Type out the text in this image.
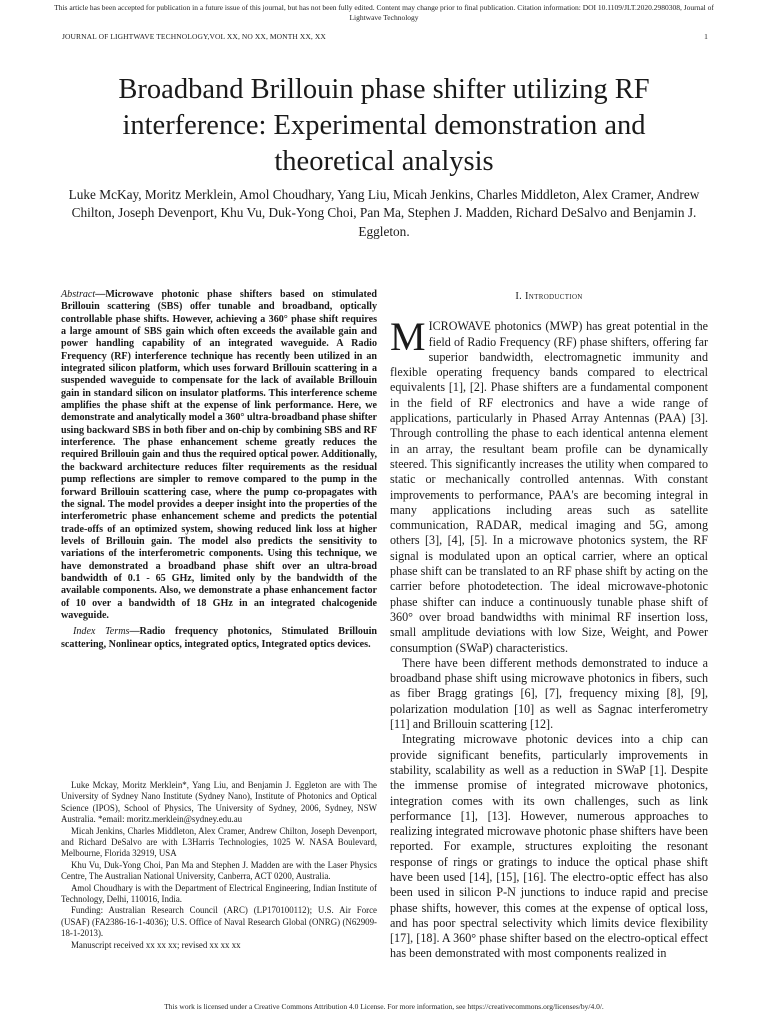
This article has been accepted for publication in a future issue of this journal, but has not been fully edited. Content may change prior to final publication. Citation information: DOI 10.1109/JLT.2020.2980308, Journal of
Lightwave Technology
JOURNAL OF LIGHTWAVE TECHNOLOGY,VOL XX, NO XX, MONTH XX, XX	1
Broadband Brillouin phase shifter utilizing RF interference: Experimental demonstration and theoretical analysis
Luke McKay, Moritz Merklein, Amol Choudhary, Yang Liu, Micah Jenkins, Charles Middleton, Alex Cramer, Andrew Chilton, Joseph Devenport, Khu Vu, Duk-Yong Choi, Pan Ma, Stephen J. Madden, Richard DeSalvo and Benjamin J. Eggleton.

Abstract—Microwave photonic phase shifters based on stimulated Brillouin scattering (SBS) offer tunable and broadband, optically controllable phase shifts. However, achieving a 360° phase shift requires a large amount of SBS gain which often exceeds the available gain and power handling capability of an integrated waveguide. A Radio Frequency (RF) interference technique has recently been utilized in an integrated silicon platform, which uses forward Brillouin scattering in a suspended waveguide to compensate for the lack of available Brillouin gain in standard silicon on insulator platforms. This interference scheme amplifies the phase shift at the expense of link performance. Here, we demonstrate and analytically model a 360° ultra-broadband phase shifter using backward SBS in both fiber and on-chip by combining SBS and RF interference. The phase enhancement scheme greatly reduces the required Brillouin gain and thus the required optical power. Additionally, the backward architecture reduces filter requirements as the residual pump reflections are simpler to remove compared to the pump in the forward Brillouin scattering case, where the pump co-propagates with the signal. The model provides a deeper insight into the properties of the interferometric phase enhancement scheme and predicts the potential trade-offs of an optimized system, showing reduced link loss at higher levels of Brillouin gain. The model also predicts the sensitivity to variations of the interferometric components. Using this technique, we have demonstrated a broadband phase shift over an ultra-broad bandwidth of 0.1 - 65 GHz, limited only by the bandwidth of the available components. Also, we demonstrate a phase enhancement factor of 10 over a bandwidth of 18 GHz in an integrated chalcogenide waveguide.

Index Terms—Radio frequency photonics, Stimulated Brillouin scattering, Nonlinear optics, integrated optics, Integrated optics devices.

Luke Mckay, Moritz Merklein*, Yang Liu, and Benjamin J. Eggleton are with The University of Sydney Nano Institute (Sydney Nano), Institute of Photonics and Optical Science (IPOS), School of Physics, The University of Sydney, 2006, Sydney, NSW Australia. *email: moritz.merklein@sydney.edu.au

Micah Jenkins, Charles Middleton, Alex Cramer, Andrew Chilton, Joseph Devenport, and Richard DeSalvo are with L3Harris Technologies, 1025 W. NASA Boulevard, Melbourne, Florida 32919, USA

Khu Vu, Duk-Yong Choi, Pan Ma and Stephen J. Madden are with the Laser Physics Centre, The Australian National University, Canberra, ACT 0200, Australia.

Amol Choudhary is with the Department of Electrical Engineering, Indian Institute of Technology, Delhi, 110016, India.

Funding: Australian Research Council (ARC) (LP170100112); U.S. Air Force (USAF) (FA2386-16-1-4036); U.S. Office of Naval Research Global (ONRG) (N62909-18-1-2013).

Manuscript received xx xx xx; revised xx xx xx

I. Introduction

MICROWAVE photonics (MWP) has great potential in the field of Radio Frequency (RF) phase shifters, offering far superior bandwidth, electromagnetic immunity and flexible operating frequency bands compared to electrical equivalents [1], [2]. Phase shifters are a fundamental component in the field of RF electronics and have a wide range of applications, particularly in Phased Array Antennas (PAA) [3]. Through controlling the phase to each identical antenna element in an array, the resultant beam profile can be dynamically steered. This significantly increases the utility when compared to static or mechanically controlled antennas. With constant improvements to performance, PAA's are becoming integral in many applications including areas such as satellite communication, RADAR, medical imaging and 5G, among others [3], [4], [5]. In a microwave photonics system, the RF signal is modulated upon an optical carrier, where an optical phase shift can be translated to an RF phase shift by acting on the carrier before photodetection. The ideal microwave-photonic phase shifter can induce a continuously tunable phase shift of 360° over broad bandwidths with minimal RF insertion loss, small amplitude deviations with low Size, Weight, and Power consumption (SWaP) characteristics.

There have been different methods demonstrated to induce a broadband phase shift using microwave photonics in fibers, such as fiber Bragg gratings [6], [7], frequency mixing [8], [9], polarization modulation [10] as well as Sagnac interferometry [11] and Brillouin scattering [12].

Integrating microwave photonic devices into a chip can provide significant benefits, particularly improvements in stability, scalability as well as a reduction in SWaP [1]. Despite the immense promise of integrated microwave photonics, integration comes with its own challenges, such as link performance [1], [13]. However, numerous approaches to realizing integrated microwave photonic phase shifters have been reported. For example, structures exploiting the resonant response of rings or gratings to induce the optical phase shift have been used [14], [15], [16]. The electro-optic effect has also been used in silicon P-N junctions to induce rapid and precise phase shifts, however, this comes at the expense of optical loss, and has poor spectral selectivity which limits device flexibility [17], [18]. A 360° phase shifter based on the electro-optical effect has been demonstrated with most components realized in

This work is licensed under a Creative Commons Attribution 4.0 License. For more information, see https://creativecommons.org/licenses/by/4.0/.
